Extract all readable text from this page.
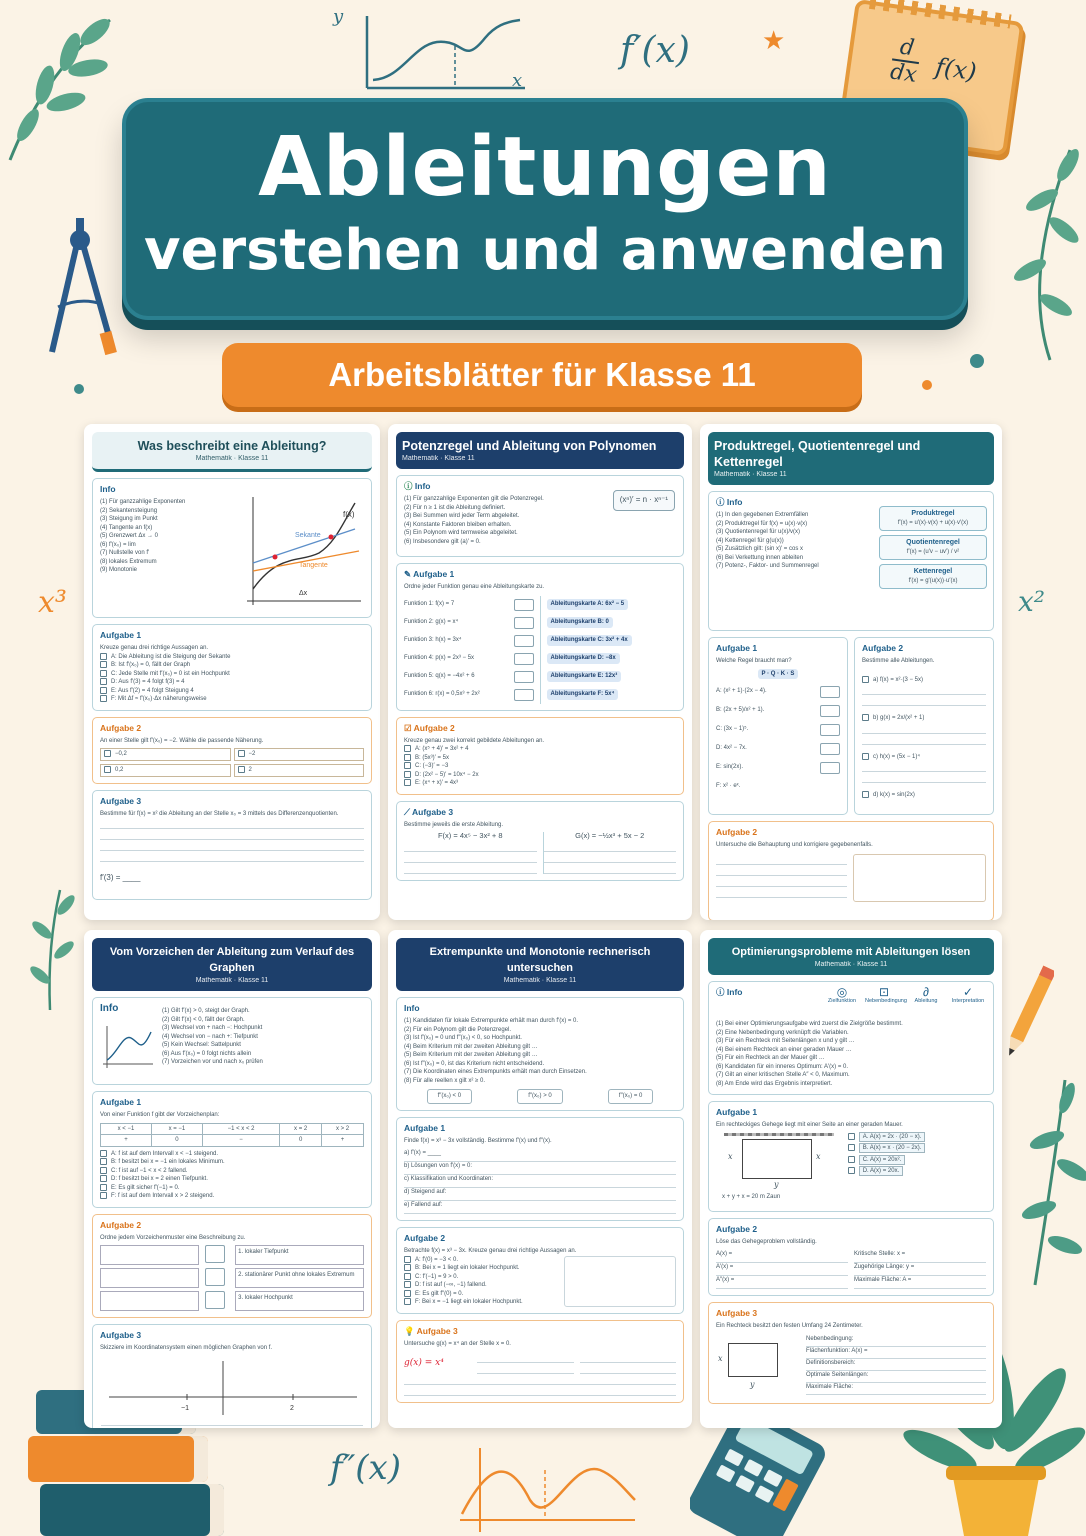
y
x
f′(x)	★	d
dx f(x)
x³	x²
f″(x)
Ableitungen
verstehen und anwenden
Arbeitsblätter für Klasse 11
Was beschreibt eine Ableitung?
Mathematik · Klasse 11
Info
(1) Für ganzzahlige Exponenten
(2) Sekantensteigung
(3) Steigung im Punkt
(4) Tangente an f(x)
(5) Grenzwert Δx → 0
(6) f′(x₀) = lim
(7) Nullstelle von f′
(8) lokales Extremum
(9) Monotonie
Sekante
Tangente
f(x)
Δx
Aufgabe 1
Kreuze genau drei richtige Aussagen an.
A: Die Ableitung ist die Steigung der Sekante
B: Ist f′(x₀) = 0, fällt der Graph
C: Jede Stelle mit f′(x₀) = 0 ist ein Hochpunkt
D: Aus f′(3) = 4 folgt f(3) = 4
E: Aus f′(2) = 4 folgt Steigung 4
F: Mit Δf ≈ f′(x₀)·Δx näherungsweise
Aufgabe 2
An einer Stelle gilt f′(x₀) = −2. Wähle die passende Näherung.
−0,2	−2
0,2	2
Aufgabe 3
Bestimme für f(x) = x² die Ableitung an der Stelle x₀ = 3 mittels des Differenzenquotienten.
f′(3) = ____
Potenzregel und Ableitung von Polynomen
Mathematik · Klasse 11
ⓘ Info
(1) Für ganzzahlige Exponenten gilt die Potenzregel.
(2) Für n ≥ 1 ist die Ableitung definiert.
(3) Bei Summen wird jeder Term abgeleitet.
(4) Konstante Faktoren bleiben erhalten.
(5) Ein Polynom wird termweise abgeleitet.
(6) Insbesondere gilt (a)′ = 0.
(xⁿ)′ = n · xⁿ⁻¹
✎ Aufgabe 1
Ordne jeder Funktion genau eine Ableitungskarte zu.
Funktion 1: f(x) = 7
Funktion 2: g(x) = x⁴
Funktion 3: h(x) = 3x⁴
Funktion 4: p(x) = 2x³ − 5x
Funktion 5: q(x) = −4x² + 6
Funktion 6: r(x) = 0,5x³ + 2x²
Ableitungskarte A: 6x² − 5
Ableitungskarte B: 0
Ableitungskarte C: 3x² + 4x
Ableitungskarte D: −8x
Ableitungskarte E: 12x³
Ableitungskarte F: 5x⁴
☑ Aufgabe 2
Kreuze genau zwei korrekt gebildete Ableitungen an.
A: (x⁵ + 4)′ = 3x² + 4
B: (5x³)′ = 5x
C: (−3)′ = −3
D: (2x² − 5)′ = 10x⁴ − 2x
E: (x⁴ + x)′ = 4x³
⟋ Aufgabe 3
Bestimme jeweils die erste Ableitung.
F(x) = 4x⁵ − 3x² + 8	G(x) = −½x³ + 5x − 2
Produktregel, Quotientenregel und Kettenregel
Mathematik · Klasse 11
ⓘ Info
(1) In den gegebenen Extremfällen
(2) Produktregel für f(x) = u(x)·v(x)
(3) Quotientenregel für u(x)/v(x)
(4) Kettenregel für g(u(x))
(5) Zusätzlich gilt: (sin x)′ = cos x
(6) Bei Verkettung innen ableiten
(7) Potenz-, Faktor- und Summenregel
Produktregel
f′(x) = u′(x)·v(x) + u(x)·v′(x)
Quotientenregel
f′(x) = (u′v − uv′) / v²
Kettenregel
f′(x) = g′(u(x))·u′(x)
Aufgabe 1
Welche Regel braucht man?
P · Q · K · S
A: (x² + 1)·(2x − 4).
B: (2x + 5)/x² + 1).
C: (3x − 1)⁵.
D: 4x² − 7x.
E: sin(2x).
F: x² · eˣ.
Aufgabe 2
Bestimme alle Ableitungen.
a) f(x) = x²·(3 − 5x)
b) g(x) = 2x/(x² + 1)
c) h(x) = (5x − 1)⁴
d) k(x) = sin(2x)
Aufgabe 2
Untersuche die Behauptung und korrigiere gegebenenfalls.
Vom Vorzeichen der Ableitung zum Verlauf des Graphen
Mathematik · Klasse 11
Info	(1) Gilt f′(x) > 0, steigt der Graph.
(2) Gilt f′(x) < 0, fällt der Graph.
(3) Wechsel von + nach −: Hochpunkt
(4) Wechsel von − nach +: Tiefpunkt
(5) Kein Wechsel: Sattelpunkt
(6) Aus f′(x₀) = 0 folgt nichts allein
(7) Vorzeichen vor und nach x₀ prüfen
Aufgabe 1
Von einer Funktion f gibt der Vorzeichenplan:
x < −1	x = −1	−1 < x < 2	x = 2	x > 2
+	0	−	0	+
A: f ist auf dem Intervall x < −1 steigend.
B: f besitzt bei x = −1 ein lokales Minimum.
C: f ist auf −1 < x < 2 fallend.
D: f besitzt bei x = 2 einen Tiefpunkt.
E: Es gilt sicher f′(−1) = 0.
F: f ist auf dem Intervall x > 2 steigend.
Aufgabe 2
Ordne jedem Vorzeichenmuster eine Beschreibung zu.

1. lokaler Tiefpunkt
2. stationärer Punkt ohne lokales Extremum
3. lokaler Hochpunkt
Aufgabe 3
Skizziere im Koordinatensystem einen möglichen Graphen von f.
−1	2
Extrempunkte und Monotonie rechnerisch untersuchen
Mathematik · Klasse 11
Info
(1) Kandidaten für lokale Extrempunkte erhält man durch f′(x) = 0.
(2) Für ein Polynom gilt die Potenzregel.
(3) Ist f′(x₀) = 0 und f″(x₀) < 0, so Hochpunkt.
(4) Beim Kriterium mit der zweiten Ableitung gilt …
(5) Beim Kriterium mit der zweiten Ableitung gilt …
(6) Ist f″(x₀) = 0, ist das Kriterium nicht entscheidend.
(7) Die Koordinaten eines Extrempunkts erhält man durch Einsetzen.
(8) Für alle reellen x gilt x² ≥ 0.
f″(x₀) < 0	f″(x₀) > 0	f″(x₀) = 0
Aufgabe 1
Finde f(x) = x³ − 3x vollständig. Bestimme f′(x) und f″(x).
a) f′(x) = ____
b) Lösungen von f′(x) = 0:
c) Klassifikation und Koordinaten:
d) Steigend auf:
e) Fallend auf:
Aufgabe 2
Betrachte f(x) = x³ − 3x. Kreuze genau drei richtige Aussagen an.
A: f′(0) = −3 < 0.
B: Bei x = 1 liegt ein lokaler Hochpunkt.
C: f′(−1) = 9 > 0.
D: f ist auf (−∞, −1) fallend.
E: Es gilt f″(0) = 0.
F: Bei x = −1 liegt ein lokaler Hochpunkt.
💡 Aufgabe 3
Untersuche g(x) = x⁴ an der Stelle x = 0.
g(x) = x⁴
Optimierungsprobleme mit Ableitungen lösen
Mathematik · Klasse 11
ⓘ Info	◎
Zielfunktion
⊡
Nebenbedingung
∂
Ableitung
✓
Interpretation
(1) Bei einer Optimierungsaufgabe wird zuerst die Zielgröße bestimmt.
(2) Eine Nebenbedingung verknüpft die Variablen.
(3) Für ein Rechteck mit Seitenlängen x und y gilt …
(4) Bei einem Rechteck an einer geraden Mauer …
(5) Für ein Rechteck an der Mauer gilt …
(6) Kandidaten für ein inneres Optimum: A′(x) = 0.
(7) Gilt an einer kritischen Stelle A″ < 0, Maximum.
(8) Am Ende wird das Ergebnis interpretiert.
Aufgabe 1
Ein rechteckiges Gehege liegt mit einer Seite an einer geraden Mauer.
x	x
y
x + y + x = 20 m Zaun
A. A(x) = 2x · (20 − x).
B. A(x) = x · (20 − 2x).
C. A(x) = 20x².
D. A(x) = 20x.
Aufgabe 2
Löse das Gehegeproblem vollständig.
A(x) =
A′(x) =
A″(x) =
Kritische Stelle: x =
Zugehörige Länge: y =
Maximale Fläche: A =
Aufgabe 3
Ein Rechteck besitzt den festen Umfang 24 Zentimeter.
x
y
Nebenbedingung:
Flächenfunktion: A(x) =
Definitionsbereich:
Optimale Seitenlängen:
Maximale Fläche:
